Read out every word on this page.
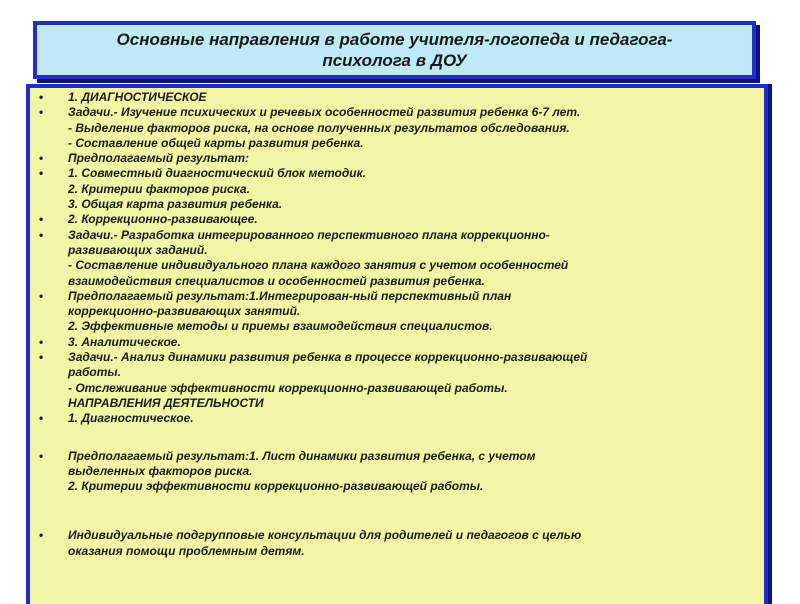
Основные направления в работе учителя-логопеда и педагога-
психолога в ДОУ
• 1. ДИАГНОСТИЧЕСКОЕ
• Задачи.- Изучение психических и речевых особенностей развития ребенка 6-7 лет.
- Выделение факторов риска, на основе полученных результатов обследования.
- Составление общей карты развития ребенка.
• Предполагаемый результат:
• 1. Совместный диагностический блок методик.
2. Критерии факторов риска.
3. Общая карта развития ребенка.
• 2. Коррекционно-развивающее.
• Задачи.- Разработка интегрированного перспективного плана коррекционно-
развивающих заданий.
- Составление индивидуального плана каждого занятия с учетом особенностей
взаимодействия специалистов и особенностей развития ребенка.
• Предполагаемый результат:1.Интегрирован-ный перспективный план
коррекционно-развивающих занятий.
2. Эффективные методы и приемы взаимодействия специалистов.
• 3. Аналитическое.
• Задачи.- Анализ динамики развития ребенка в процессе коррекционно-развивающей
работы.
- Отслеживание эффективности коррекционно-развивающей работы.
НАПРАВЛЕНИЯ ДЕЯТЕЛЬНОСТИ
• 1. Диагностическое.
• Предполагаемый результат:1. Лист динамики развития ребенка, с учетом
выделенных факторов риска.
2. Критерии эффективности коррекционно-развивающей работы.
• Индивидуальные подгрупповые консультации для родителей и педагогов с целью
оказания помощи проблемным детям.
